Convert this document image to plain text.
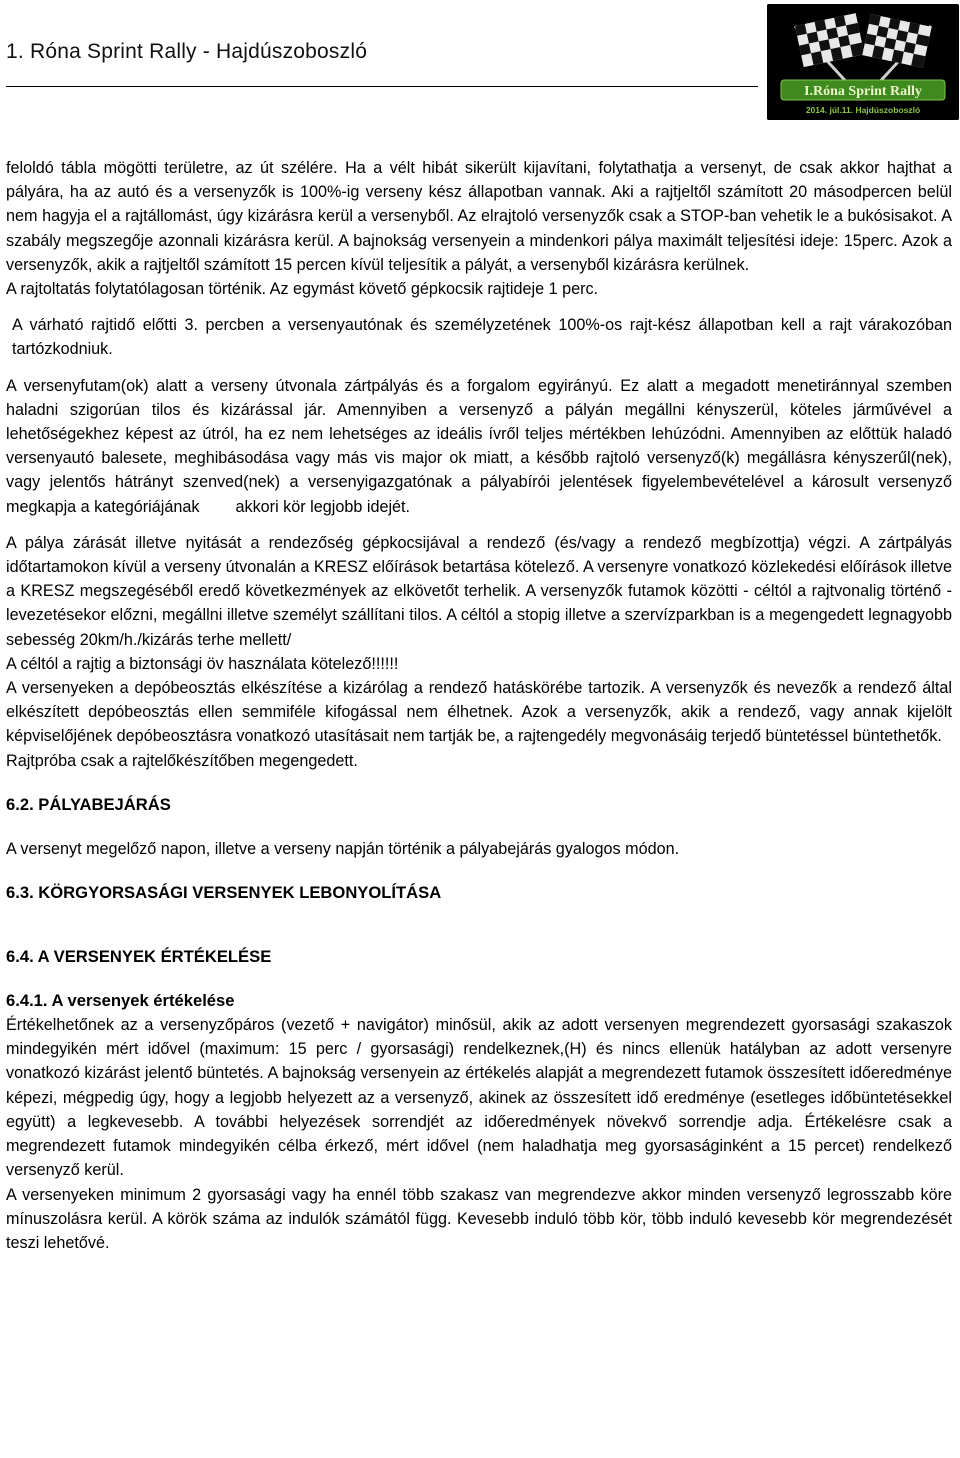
1. Róna Sprint Rally - Hajdúszoboszló
I.Róna Sprint Rally
2014. júl.11. Hajdúszoboszló

feloldó tábla mögötti területre, az út szélére. Ha a vélt hibát sikerült kijavítani, folytathatja a versenyt, de csak akkor hajthat a pályára, ha az autó és a versenyzők is 100%-ig verseny kész állapotban vannak. Aki a rajtjeltől számított 20 másodpercen belül nem hagyja el a rajtállomást, úgy kizárásra kerül a versenyből. Az elrajtoló versenyzők csak a STOP-ban vehetik le a bukósisakot. A szabály megszegője azonnali kizárásra kerül. A bajnokság versenyein a mindenkori pálya maximált teljesítési ideje: 15perc. Azok a versenyzők, akik a rajtjeltől számított 15 percen kívül teljesítik a pályát, a versenyből kizárásra kerülnek.

A rajtoltatás folytatólagosan történik. Az egymást követő gépkocsik rajtideje 1 perc.

A várható rajtidő előtti 3. percben a versenyautónak és személyzetének 100%-os rajt-kész állapotban kell a rajt várakozóban tartózkodniuk.

A versenyfutam(ok) alatt a verseny útvonala zártpályás és a forgalom egyirányú. Ez alatt a megadott menetiránnyal szemben haladni szigorúan tilos és kizárással jár. Amennyiben a versenyző a pályán megállni kényszerül, köteles járművével a lehetőségekhez képest az útról, ha ez nem lehetséges az ideális ívről teljes mértékben lehúzódni. Amennyiben az előttük haladó versenyautó balesete, meghibásodása vagy más vis major ok miatt, a később rajtoló versenyző(k) megállásra kényszerűl(nek), vagy jelentős hátrányt szenved(nek) a versenyigazgatónak a pályabírói jelentések figyelembevételével a károsult versenyző megkapja a kategóriájának akkori kör legjobb idejét.

A pálya zárását illetve nyitását a rendezőség gépkocsijával a rendező (és/vagy a rendező megbízottja) végzi. A zártpályás időtartamokon kívül a verseny útvonalán a KRESZ előírások betartása kötelező. A versenyre vonatkozó közlekedési előírások illetve a KRESZ megszegéséből eredő következmények az elkövetőt terhelik. A versenyzők futamok közötti - céltól a rajtvonalig történő - levezetésekor előzni, megállni illetve személyt szállítani tilos. A céltól a stopig illetve a szervízparkban is a megengedett legnagyobb sebesség 20km/h./kizárás terhe mellett/

A céltól a rajtig a biztonsági öv használata kötelező!!!!!!

A versenyeken a depóbeosztás elkészítése a kizárólag a rendező hatáskörébe tartozik. A versenyzők és nevezők a rendező által elkészített depóbeosztás ellen semmiféle kifogással nem élhetnek. Azok a versenyzők, akik a rendező, vagy annak kijelölt képviselőjének depóbeosztásra vonatkozó utasításait nem tartják be, a rajtengedély megvonásáig terjedő büntetéssel büntethetők.

Rajtpróba csak a rajtelőkészítőben megengedett.

6.2. PÁLYABEJÁRÁS

A versenyt megelőző napon, illetve a verseny napján történik a pályabejárás gyalogos módon.

6.3. KÖRGYORSASÁGI VERSENYEK LEBONYOLÍTÁSA
6.4. A VERSENYEK ÉRTÉKELÉSE
6.4.1. A versenyek értékelése

Értékelhetőnek az a versenyzőpáros (vezető + navigátor) minősül, akik az adott versenyen megrendezett gyorsasági szakaszok mindegyikén mért idővel (maximum: 15 perc / gyorsasági) rendelkeznek,(H) és nincs ellenük hatályban az adott versenyre vonatkozó kizárást jelentő büntetés. A bajnokság versenyein az értékelés alapját a megrendezett futamok összesített időeredménye képezi, mégpedig úgy, hogy a legjobb helyezett az a versenyző, akinek az összesített idő eredménye (esetleges időbüntetésekkel együtt) a legkevesebb. A további helyezések sorrendjét az időeredmények növekvő sorrendje adja. Értékelésre csak a megrendezett futamok mindegyikén célba érkező, mért idővel (nem haladhatja meg gyorsaságinként a 15 percet) rendelkező versenyző kerül.

A versenyeken minimum 2 gyorsasági vagy ha ennél több szakasz van megrendezve akkor minden versenyző legrosszabb köre mínuszolásra kerül. A körök száma az indulók számától függ. Kevesebb induló több kör, több induló kevesebb kör megrendezését teszi lehetővé.
